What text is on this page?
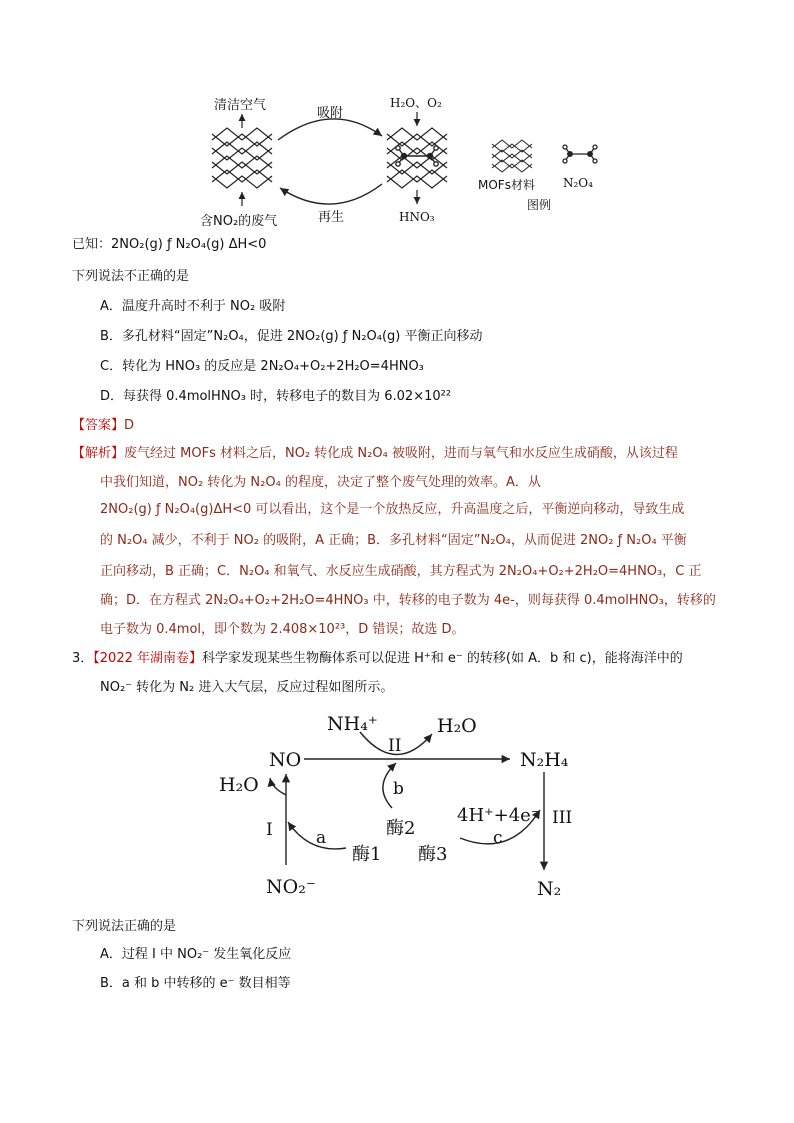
清洁空气
吸附
H₂O、O₂
含NO₂的废气	再生	HNO₃
MOFs材料 N₂O₄
图例
已知：2NO₂(g) ƒ N₂O₄(g) ΔH<0
下列说法不正确的是
A．温度升高时不利于 NO₂ 吸附
B．多孔材料“固定”N₂O₄，促进 2NO₂(g) ƒ N₂O₄(g) 平衡正向移动
C．转化为 HNO₃ 的反应是 2N₂O₄+O₂+2H₂O=4HNO₃
D．每获得 0.4molHNO₃ 时，转移电子的数目为 6.02×10²²
【答案】D
【解析】废气经过 MOFs 材料之后，NO₂ 转化成 N₂O₄ 被吸附，进而与氧气和水反应生成硝酸，从该过程
中我们知道，NO₂ 转化为 N₂O₄ 的程度，决定了整个废气处理的效率。A．从
2NO₂(g) ƒ N₂O₄(g)ΔH<0 可以看出，这个是一个放热反应，升高温度之后，平衡逆向移动，导致生成
的 N₂O₄ 减少，不利于 NO₂ 的吸附，A 正确；B．多孔材料“固定”N₂O₄，从而促进 2NO₂ ƒ N₂O₄ 平衡
正向移动，B 正确；C．N₂O₄ 和氧气、水反应生成硝酸，其方程式为 2N₂O₄+O₂+2H₂O=4HNO₃，C 正
确；D．在方程式 2N₂O₄+O₂+2H₂O=4HNO₃ 中，转移的电子数为 4e-，则每获得 0.4molHNO₃，转移的
电子数为 0.4mol，即个数为 2.408×10²³，D 错误；故选 D。
3．【2022 年湖南卷】科学家发现某些生物酶体系可以促进 H⁺和 e⁻ 的转移(如 A．b 和 c)，能将海洋中的
NO₂⁻ 转化为 N₂ 进入大气层，反应过程如图所示。
NH₄⁺	H₂O
NO
II
N₂H₄
H₂O	b
4H⁺+4e⁻ III
I	a	酶2	c
酶1 酶3
NO₂⁻	N₂
下列说法正确的是
A．过程 I 中 NO₂⁻ 发生氧化反应
B．a 和 b 中转移的 e⁻ 数目相等
